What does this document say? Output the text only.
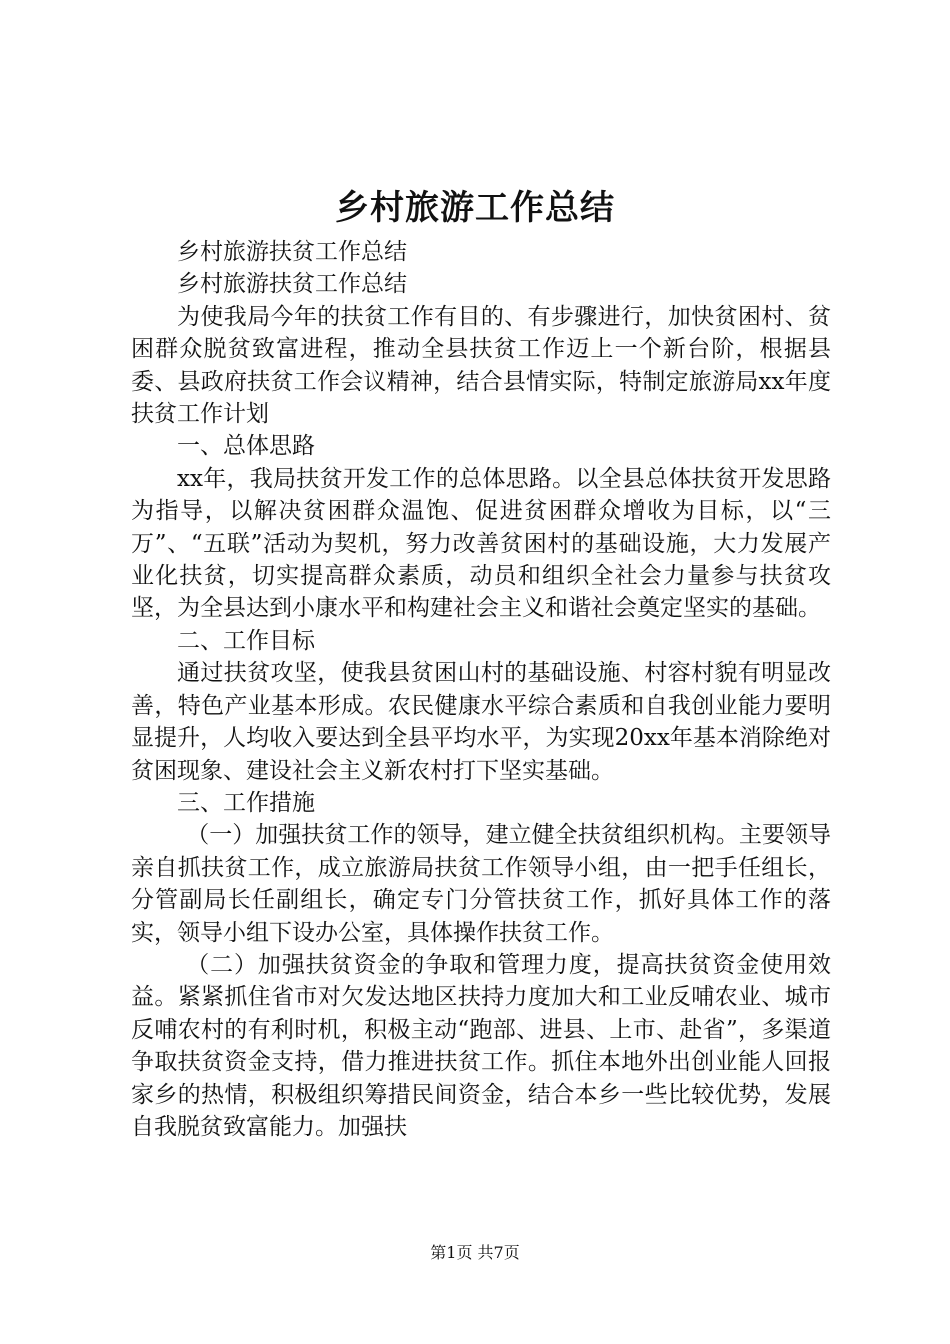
乡村旅游工作总结

乡村旅游扶贫工作总结

乡村旅游扶贫工作总结

为使我局今年的扶贫工作有目的、有步骤进行，加快贫困村、贫困群众脱贫致富进程，推动全县扶贫工作迈上一个新台阶，根据县委、县政府扶贫工作会议精神，结合县情实际，特制定旅游局xx年度扶贫工作计划

一、总体思路

xx年，我局扶贫开发工作的总体思路。以全县总体扶贫开发思路为指导，以解决贫困群众温饱、促进贫困群众增收为目标，以“三万”、“五联”活动为契机，努力改善贫困村的基础设施，大力发展产业化扶贫，切实提高群众素质，动员和组织全社会力量参与扶贫攻坚，为全县达到小康水平和构建社会主义和谐社会奠定坚实的基础。

二、工作目标

通过扶贫攻坚，使我县贫困山村的基础设施、村容村貌有明显改善，特色产业基本形成。农民健康水平综合素质和自我创业能力要明显提升，人均收入要达到全县平均水平，为实现20xx年基本消除绝对贫困现象、建设社会主义新农村打下坚实基础。

三、工作措施

（一）加强扶贫工作的领导，建立健全扶贫组织机构。主要领导亲自抓扶贫工作，成立旅游局扶贫工作领导小组，由一把手任组长，分管副局长任副组长，确定专门分管扶贫工作，抓好具体工作的落实，领导小组下设办公室，具体操作扶贫工作。

（二）加强扶贫资金的争取和管理力度，提高扶贫资金使用效益。紧紧抓住省市对欠发达地区扶持力度加大和工业反哺农业、城市反哺农村的有利时机，积极主动“跑部、进县、上市、赴省”，多渠道争取扶贫资金支持，借力推进扶贫工作。抓住本地外出创业能人回报家乡的热情，积极组织筹措民间资金，结合本乡一些比较优势，发展自我脱贫致富能力。加强扶

第1页 共7页
